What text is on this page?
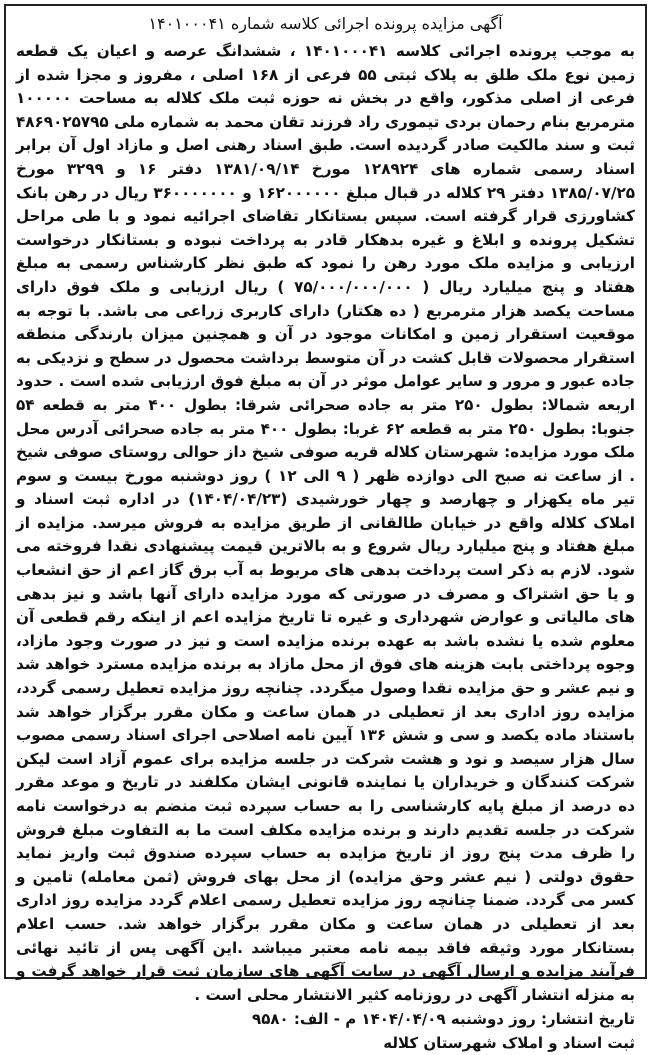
آگهی مزایده پرونده اجرائی کلاسه شماره ۱۴۰۱۰۰۰۴۱

به موجب پرونده اجرائی کلاسه ۱۴۰۱۰۰۰۴۱ ، ششدانگ عرصه و اعیان یک قطعه زمین نوع ملک طلق به پلاک ثبتی ۵۵ فرعی از ۱۶۸ اصلی ، مفروز و مجزا شده از فرعی از اصلی مذکور، واقع در بخش نه حوزه ثبت ملک کلاله به مساحت ۱۰۰۰۰۰ مترمربع بنام رحمان بردی تیموری راد فرزند تقان محمد به شماره ملی ۴۸۶۹۰۲۵۷۹۵ ثبت و سند مالکیت صادر گردیده است. طبق اسناد رهنی اصل و مازاد اول آن برابر اسناد رسمی شماره های ۱۲۸۹۲۴ مورخ ۱۳۸۱/۰۹/۱۴ دفتر ۱۶ و ۳۲۹۹ مورخ ۱۳۸۵/۰۷/۲۵ دفتر ۲۹ کلاله در قبال مبلغ ۱۶۲۰۰۰۰۰۰ و ۳۶۰۰۰۰۰۰۰ ریال در رهن بانک کشاورزی قرار گرفته است. سپس بستانکار تقاضای اجرائیه نمود و با طی مراحل تشکیل پرونده و ابلاغ و غیره بدهکار قادر به پرداخت نبوده و بستانکار درخواست ارزیابی و مزایده ملک مورد رهن را نمود که طبق نظر کارشناس رسمی به مبلغ هفتاد و پنج میلیارد ریال ( ۷۵/۰۰۰/۰۰۰/۰۰۰ ) ریال ارزیابی و ملک فوق دارای مساحت یکصد هزار مترمربع ( ده هکتار) دارای کاربری زراعی می باشد. با توجه به موقعیت استقرار زمین و امکانات موجود در آن و همچنین میزان بارندگی منطقه استقرار محصولات قابل کشت در آن متوسط برداشت محصول در سطح و نزدیکی به جاده عبور و مرور و سایر عوامل موثر در آن به مبلغ فوق ارزیابی شده است . حدود اربعه شمالا: بطول ۲۵۰ متر به جاده صحرائی شرقا: بطول ۴۰۰ متر به قطعه ۵۴ جنوبا: بطول ۲۵۰ متر به قطعه ۶۲ غربا: بطول ۴۰۰ متر به جاده صحرائی آدرس محل ملک مورد مزایده: شهرستان کلاله قریه صوفی شیخ داز حوالی روستای صوفی شیخ . از ساعت نه صبح الی دوازده ظهر ( ۹ الی ۱۲ ) روز دوشنبه مورخ بیست و سوم تیر ماه یکهزار و چهارصد و چهار خورشیدی (۱۴۰۴/۰۴/۲۳) در اداره ثبت اسناد و املاک کلاله واقع در خیابان طالقانی از طریق مزایده به فروش میرسد. مزایده از مبلغ هفتاد و پنج میلیارد ریال شروع و به بالاترین قیمت پیشنهادی نقدا فروخته می شود. لازم به ذکر است پرداخت بدهی های مربوط به آب برق گاز اعم از حق انشعاب و یا حق اشتراک و مصرف در صورتی که مورد مزایده دارای آنها باشد و نیز بدهی های مالیاتی و عوارض شهرداری و غیره تا تاریخ مزایده اعم از اینکه رقم قطعی آن معلوم شده یا نشده باشد به عهده برنده مزایده است و نیز در صورت وجود مازاد، وجوه پرداختی بابت هزینه های فوق از محل مازاد به برنده مزایده مسترد خواهد شد و نیم عشر و حق مزایده نقدا وصول میگردد. چنانچه روز مزایده تعطیل رسمی گردد، مزایده روز اداری بعد از تعطیلی در همان ساعت و مکان مقرر برگزار خواهد شد باستناد ماده یکصد و سی و شش ۱۳۶ آیین نامه اصلاحی اجرای اسناد رسمی مصوب سال هزار سیصد و نود و هشت شرکت در جلسه مزایده برای عموم آزاد است لیکن شرکت کنندگان و خریداران یا نماینده قانونی ایشان مکلفند در تاریخ و موعد مقرر ده درصد از مبلغ پایه کارشناسی را به حساب سپرده ثبت منضم به درخواست نامه شرکت در جلسه تقدیم دارند و برنده مزایده مکلف است ما به التفاوت مبلغ فروش را ظرف مدت پنج روز از تاریخ مزایده به حساب سپرده صندوق ثبت واریز نماید حقوق دولتی ( نیم عشر وحق مزایده) از محل بهای فروش (ثمن معامله) تامین و کسر می گردد. ضمنا چنانچه روز مزایده تعطیل رسمی اعلام گردد مزایده روز اداری بعد از تعطیلی در همان ساعت و مکان مقرر برگزار خواهد شد. حسب اعلام بستانکار مورد وثیقه فاقد بیمه نامه معتبر میباشد .این آگهی پس از تائید نهائی فرآیند مزایده و ارسال آگهی در سایت آگهی های سازمان ثبت قرار خواهد گرفت و به منزله انتشار آگهی در روزنامه کثیر الانتشار محلی است .

تاریخ انتشار: روز دوشنبه ۱۴۰۴/۰۴/۰۹ م - الف: ۹۵۸۰

ثبت اسناد و املاک شهرستان کلاله
